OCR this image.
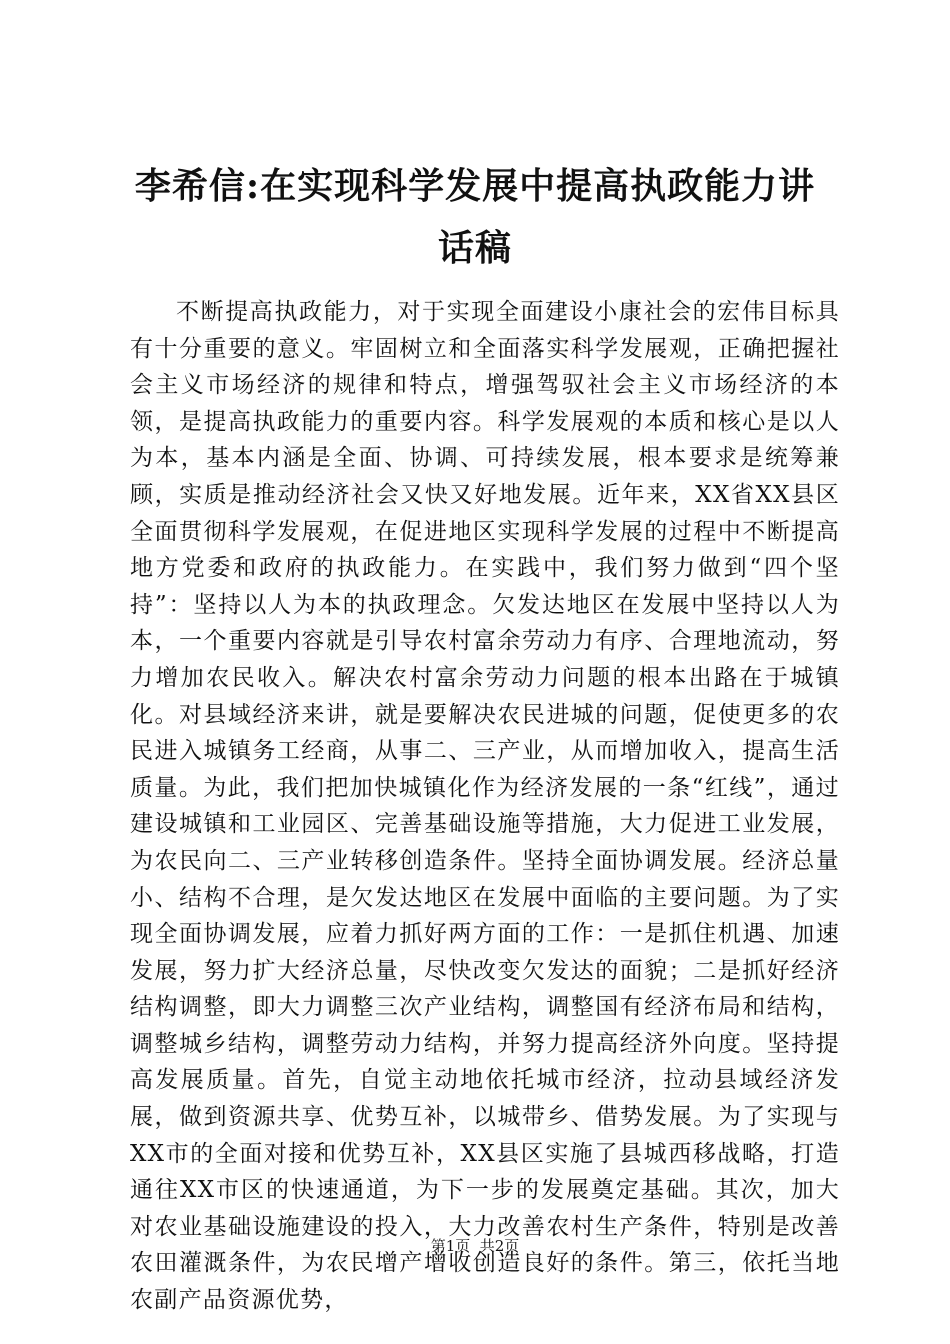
李希信:在实现科学发展中提高执政能力讲话稿

不断提高执政能力，对于实现全面建设小康社会的宏伟目标具有十分重要的意义。牢固树立和全面落实科学发展观，正确把握社会主义市场经济的规律和特点，增强驾驭社会主义市场经济的本领，是提高执政能力的重要内容。科学发展观的本质和核心是以人为本，基本内涵是全面、协调、可持续发展，根本要求是统筹兼顾，实质是推动经济社会又快又好地发展。近年来，XX省XX县区全面贯彻科学发展观，在促进地区实现科学发展的过程中不断提高地方党委和政府的执政能力。在实践中，我们努力做到“四个坚持”：坚持以人为本的执政理念。欠发达地区在发展中坚持以人为本，一个重要内容就是引导农村富余劳动力有序、合理地流动，努力增加农民收入。解决农村富余劳动力问题的根本出路在于城镇化。对县域经济来讲，就是要解决农民进城的问题，促使更多的农民进入城镇务工经商，从事二、三产业，从而增加收入，提高生活质量。为此，我们把加快城镇化作为经济发展的一条“红线”，通过建设城镇和工业园区、完善基础设施等措施，大力促进工业发展，为农民向二、三产业转移创造条件。坚持全面协调发展。经济总量小、结构不合理，是欠发达地区在发展中面临的主要问题。为了实现全面协调发展，应着力抓好两方面的工作：一是抓住机遇、加速发展，努力扩大经济总量，尽快改变欠发达的面貌；二是抓好经济结构调整，即大力调整三次产业结构，调整国有经济布局和结构，调整城乡结构，调整劳动力结构，并努力提高经济外向度。坚持提高发展质量。首先，自觉主动地依托城市经济，拉动县域经济发展，做到资源共享、优势互补，以城带乡、借势发展。为了实现与XX市的全面对接和优势互补，XX县区实施了县城西移战略，打造通往XX市区的快速通道，为下一步的发展奠定基础。其次，加大对农业基础设施建设的投入，大力改善农村生产条件，特别是改善农田灌溉条件，为农民增产增收创造良好的条件。第三，依托当地农副产品资源优势，

第1页  共2页
